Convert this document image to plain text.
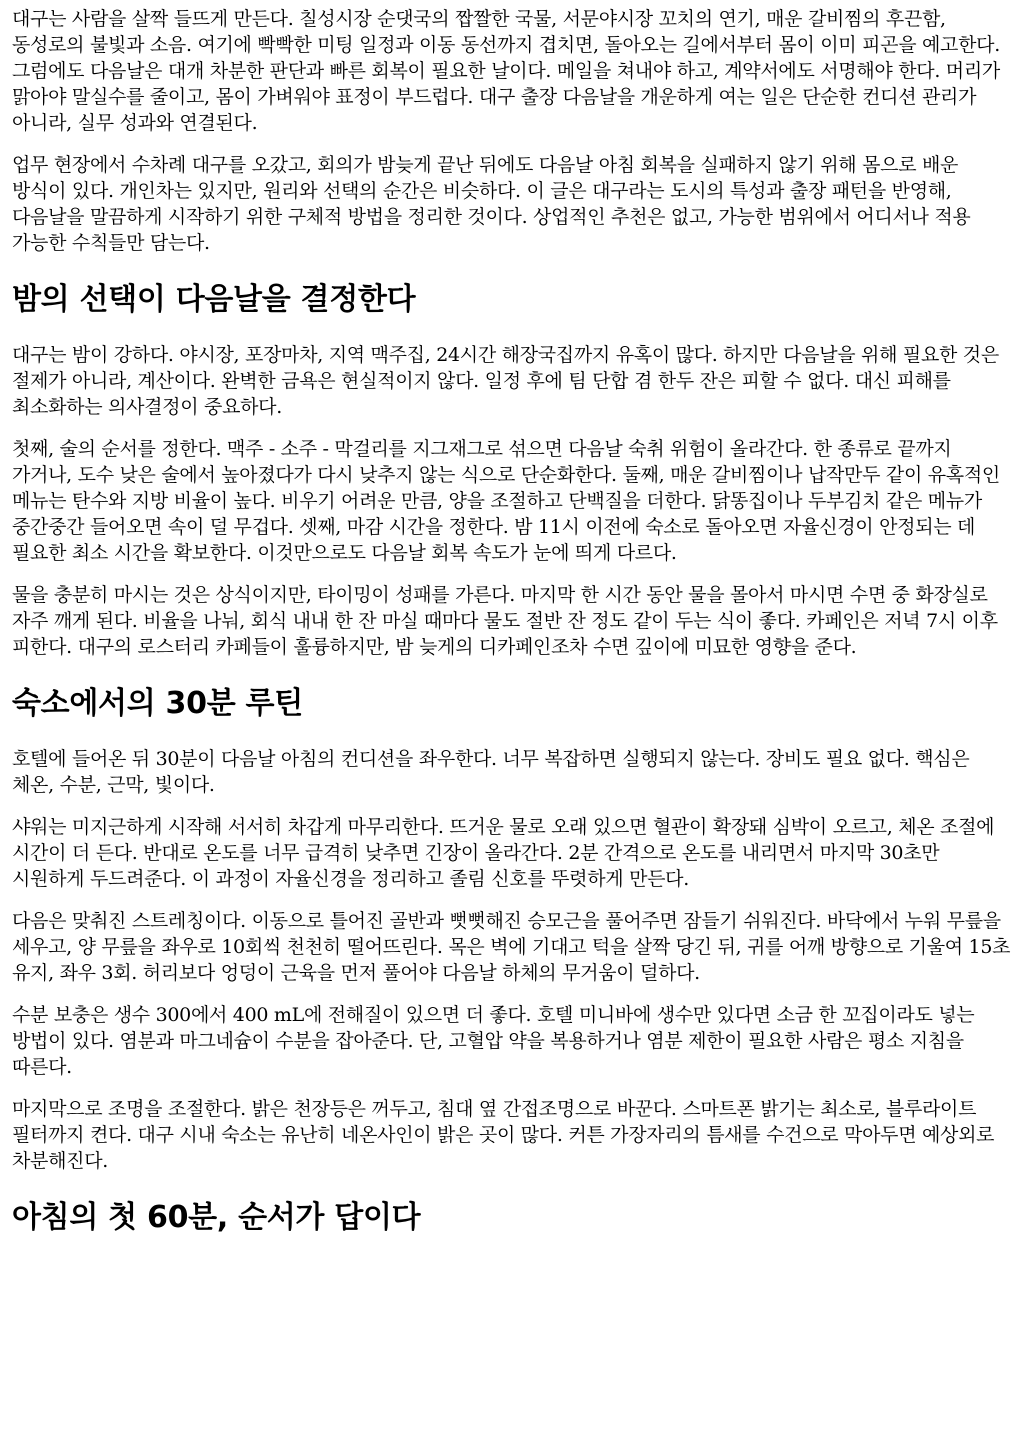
대구는 사람을 살짝 들뜨게 만든다. 칠성시장 순댓국의 짭짤한 국물, 서문야시장 꼬치의 연기, 매운 갈비찜의 후끈함, 동성로의 불빛과 소음. 여기에 빡빡한 미팅 일정과 이동 동선까지 겹치면, 돌아오는 길에서부터 몸이 이미 피곤을 예고한다. 그럼에도 다음날은 대개 차분한 판단과 빠른 회복이 필요한 날이다. 메일을 쳐내야 하고, 계약서에도 서명해야 한다. 머리가 맑아야 말실수를 줄이고, 몸이 가벼워야 표정이 부드럽다. 대구 출장 다음날을 개운하게 여는 일은 단순한 컨디션 관리가 아니라, 실무 성과와 연결된다.

업무 현장에서 수차례 대구를 오갔고, 회의가 밤늦게 끝난 뒤에도 다음날 아침 회복을 실패하지 않기 위해 몸으로 배운 방식이 있다. 개인차는 있지만, 원리와 선택의 순간은 비슷하다. 이 글은 대구라는 도시의 특성과 출장 패턴을 반영해, 다음날을 말끔하게 시작하기 위한 구체적 방법을 정리한 것이다. 상업적인 추천은 없고, 가능한 범위에서 어디서나 적용 가능한 수칙들만 담는다.

밤의 선택이 다음날을 결정한다

대구는 밤이 강하다. 야시장, 포장마차, 지역 맥주집, 24시간 해장국집까지 유혹이 많다. 하지만 다음날을 위해 필요한 것은 절제가 아니라, 계산이다. 완벽한 금욕은 현실적이지 않다. 일정 후에 팀 단합 겸 한두 잔은 피할 수 없다. 대신 피해를 최소화하는 의사결정이 중요하다.

첫째, 술의 순서를 정한다. 맥주 - 소주 - 막걸리를 지그재그로 섞으면 다음날 숙취 위험이 올라간다. 한 종류로 끝까지 가거나, 도수 낮은 술에서 높아졌다가 다시 낮추지 않는 식으로 단순화한다. 둘째, 매운 갈비찜이나 납작만두 같이 유혹적인 메뉴는 탄수와 지방 비율이 높다. 비우기 어려운 만큼, 양을 조절하고 단백질을 더한다. 닭똥집이나 두부김치 같은 메뉴가 중간중간 들어오면 속이 덜 무겁다. 셋째, 마감 시간을 정한다. 밤 11시 이전에 숙소로 돌아오면 자율신경이 안정되는 데 필요한 최소 시간을 확보한다. 이것만으로도 다음날 회복 속도가 눈에 띄게 다르다.

물을 충분히 마시는 것은 상식이지만, 타이밍이 성패를 가른다. 마지막 한 시간 동안 물을 몰아서 마시면 수면 중 화장실로 자주 깨게 된다. 비율을 나눠, 회식 내내 한 잔 마실 때마다 물도 절반 잔 정도 같이 두는 식이 좋다. 카페인은 저녁 7시 이후 피한다. 대구의 로스터리 카페들이 훌륭하지만, 밤 늦게의 디카페인조차 수면 깊이에 미묘한 영향을 준다.

숙소에서의 30분 루틴

호텔에 들어온 뒤 30분이 다음날 아침의 컨디션을 좌우한다. 너무 복잡하면 실행되지 않는다. 장비도 필요 없다. 핵심은 체온, 수분, 근막, 빛이다.

샤워는 미지근하게 시작해 서서히 차갑게 마무리한다. 뜨거운 물로 오래 있으면 혈관이 확장돼 심박이 오르고, 체온 조절에 시간이 더 든다. 반대로 온도를 너무 급격히 낮추면 긴장이 올라간다. 2분 간격으로 온도를 내리면서 마지막 30초만 시원하게 두드려준다. 이 과정이 자율신경을 정리하고 졸림 신호를 뚜렷하게 만든다.

다음은 맞춰진 스트레칭이다. 이동으로 틀어진 골반과 뻣뻣해진 승모근을 풀어주면 잠들기 쉬워진다. 바닥에서 누워 무릎을 세우고, 양 무릎을 좌우로 10회씩 천천히 떨어뜨린다. 목은 벽에 기대고 턱을 살짝 당긴 뒤, 귀를 어깨 방향으로 기울여 15초 유지, 좌우 3회. 허리보다 엉덩이 근육을 먼저 풀어야 다음날 하체의 무거움이 덜하다.

수분 보충은 생수 300에서 400 mL에 전해질이 있으면 더 좋다. 호텔 미니바에 생수만 있다면 소금 한 꼬집이라도 넣는 방법이 있다. 염분과 마그네슘이 수분을 잡아준다. 단, 고혈압 약을 복용하거나 염분 제한이 필요한 사람은 평소 지침을 따른다.

마지막으로 조명을 조절한다. 밝은 천장등은 꺼두고, 침대 옆 간접조명으로 바꾼다. 스마트폰 밝기는 최소로, 블루라이트 필터까지 켠다. 대구 시내 숙소는 유난히 네온사인이 밝은 곳이 많다. 커튼 가장자리의 틈새를 수건으로 막아두면 예상외로 차분해진다.

아침의 첫 60분, 순서가 답이다
